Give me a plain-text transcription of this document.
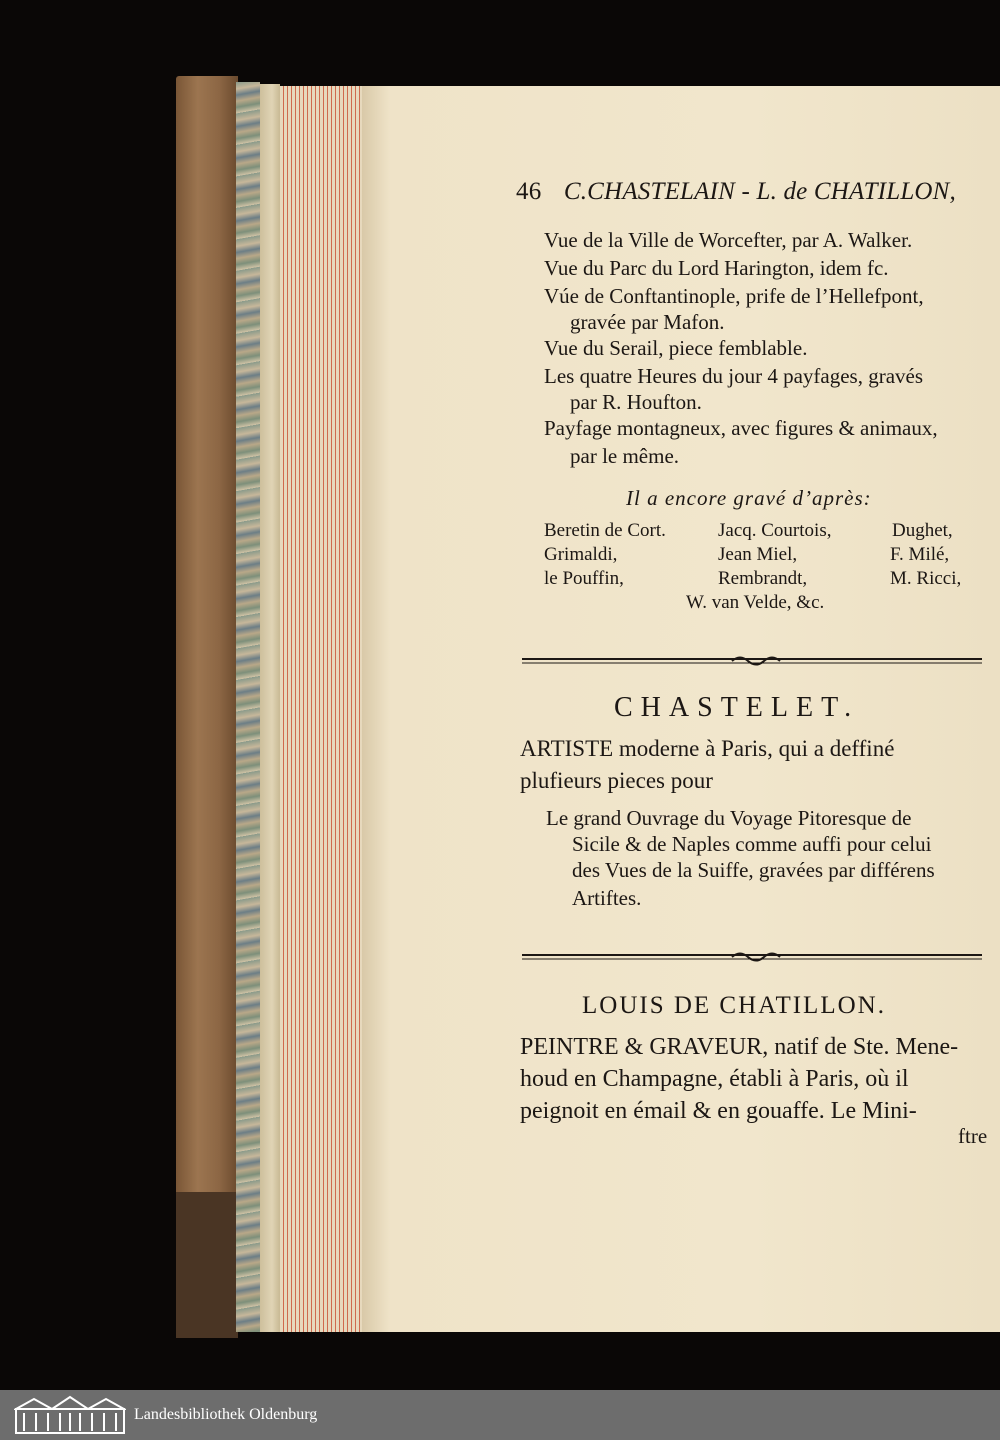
46 C.CHASTELAIN - L. de CHATILLON,
Vue de la Ville de Worcefter, par A. Walker.
Vue du Parc du Lord Harington, idem fc.
Vúe de Conftantinople, prife de l’Hellefpont,
gravée par Mafon.
Vue du Serail, piece femblable.
Les quatre Heures du jour 4 payfages, gravés
par R. Houfton.
Payfage montagneux, avec figures & animaux,
par le même.
Il a encore gravé d’après:
Beretin de Cort.	Jacq. Courtois,	Dughet,
Grimaldi,	Jean Miel,	F. Milé,
le Pouffin,	Rembrandt,	M. Ricci,
W. van Velde, &c.
CHASTELET.
ARTISTE moderne à Paris, qui a deffiné
plufieurs pieces pour
Le grand Ouvrage du Voyage Pitoresque de
Sicile & de Naples comme auffi pour celui
des Vues de la Suiffe, gravées par différens
Artiftes.
LOUIS DE CHATILLON.
PEINTRE & GRAVEUR, natif de Ste. Mene-
houd en Champagne, établi à Paris, où il
peignoit en émail & en gouaffe. Le Mini-
ftre
Landesbibliothek Oldenburg
